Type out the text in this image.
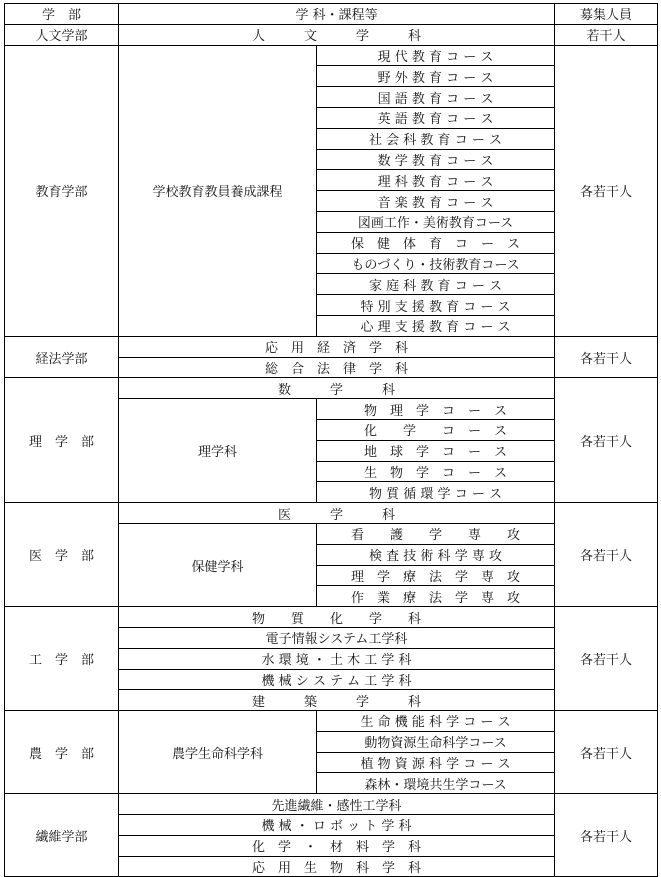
学　部	学 科・課程等		募集人員
人文学部	人　　　文　　　学　　　科		若干人
教育学部	学校教育教員養成課程	現 代 教 育 コ ー ス	各若干人
		野 外 教 育 コ ー ス	
		国 語 教 育 コ ー ス	
		英 語 教 育 コ ー ス	
		社 会 科 教 育 コ ー ス	
		数 学 教 育 コ ー ス	
		理 科 教 育 コ ー ス	
		音 楽 教 育 コ ー ス	
		図画工作・美術教育コース	
		保　健　体　育　コ　ー　ス	
		ものづくり・技術教育コース	
		家 庭 科 教 育 コ ー ス	
		特 別 支 援 教 育 コ ー ス	
		心 理 支 援 教 育 コ ー ス	
経法学部	応　用　経　済　学　科		各若干人
	総　合　法　律　学　科		
理　学　部	数　　　学　　　科		各若干人
	理学科	物　理　学　コ　ー　ス	
		化　　学　　コ　ー　ス	
		地　球　学　コ　ー　ス	
		生　物　学　コ　ー　ス	
		物 質 循 環 学 コ ー ス	
医　学　部	医　　　学　　　科		各若干人
	保健学科	看　　護　　学　　専　　攻	
		検 査 技 術 科 学 専 攻	
		理　学　療　法　学　専　攻	
		作　業　療　法　学　専　攻	
工　学　部	物　　質　　化　　学　　科		各若干人
	電子情報システム工学科		
	水 環 境 ・ 土 木 工 学 科		
	機 械 シ ス テ ム 工 学 科		
	建　　　築　　　学　　　科		
農　学　部	農学生命科学科	生 命 機 能 科 学 コ ー ス	各若干人
		動物資源生命科学コース	
		植 物 資 源 科 学 コ ー ス	
		森林・環境共生学コース	
繊維学部	先進繊維・感性工学科		各若干人
	機 械 ・ ロ ボ ッ ト 学 科		
	化　学　・　材　料　学　科		
	応　用　生　物　科　学　科		
